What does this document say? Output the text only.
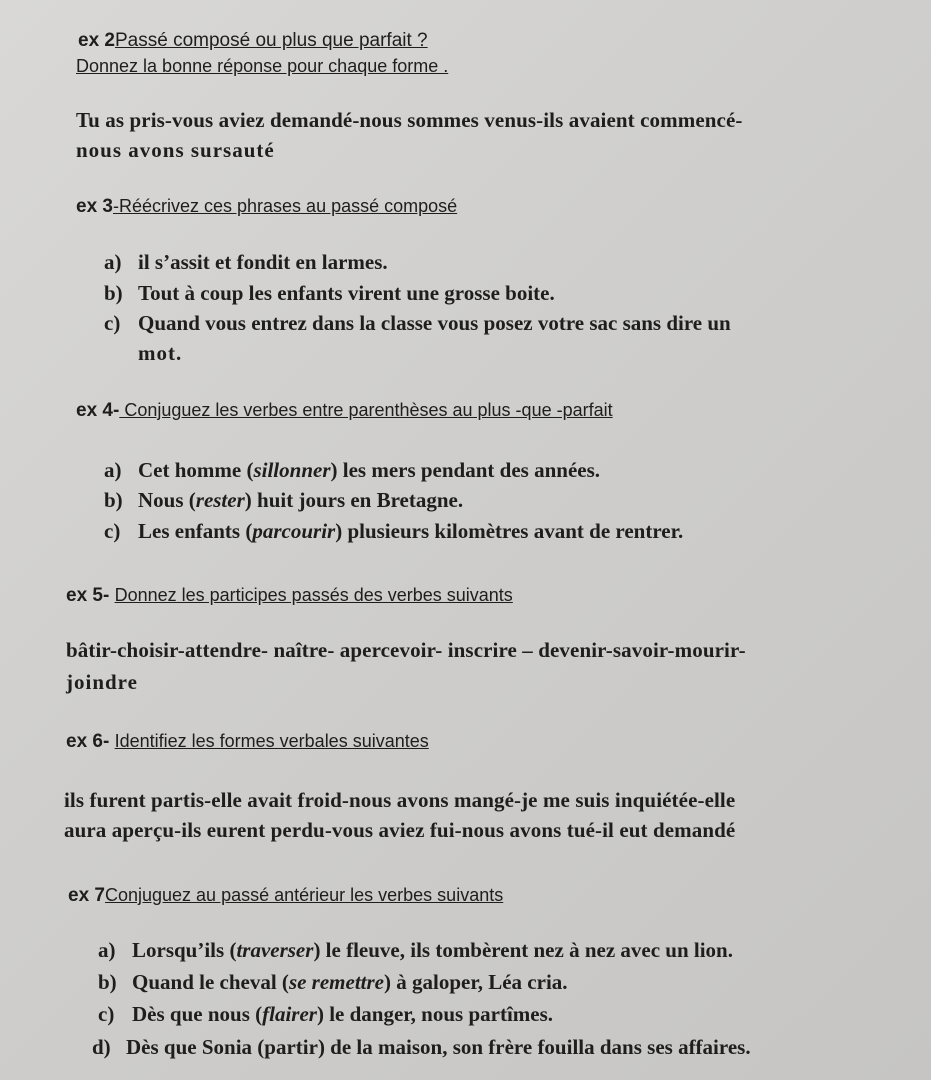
ex 2Passé composé ou plus que parfait ?
Donnez la bonne réponse pour chaque forme .
Tu as pris-vous aviez demandé-nous sommes venus-ils avaient commencé-
nous avons sursauté
ex 3-Réécrivez ces phrases au passé composé
a) il s’assit et fondit en larmes.
b) Tout à coup les enfants virent une grosse boite.
c) Quand vous entrez dans la classe vous posez votre sac sans dire un
mot.
ex 4- Conjuguez les verbes entre parenthèses au plus -que -parfait
a) Cet homme (sillonner) les mers pendant des années.
b) Nous (rester) huit jours en Bretagne.
c) Les enfants (parcourir) plusieurs kilomètres avant de rentrer.
ex 5- Donnez les participes passés des verbes suivants
bâtir-choisir-attendre- naître- apercevoir- inscrire – devenir-savoir-mourir-
joindre
ex 6- Identifiez les formes verbales suivantes
ils furent partis-elle avait froid-nous avons mangé-je me suis inquiétée-elle
aura aperçu-ils eurent perdu-vous aviez fui-nous avons tué-il eut demandé
ex 7Conjuguez au passé antérieur les verbes suivants
a) Lorsqu’ils (traverser) le fleuve, ils tombèrent nez à nez avec un lion.
b) Quand le cheval (se remettre) à galoper, Léa cria.
c) Dès que nous (flairer) le danger, nous partîmes.
d) Dès que Sonia (partir) de la maison, son frère fouilla dans ses affaires.
